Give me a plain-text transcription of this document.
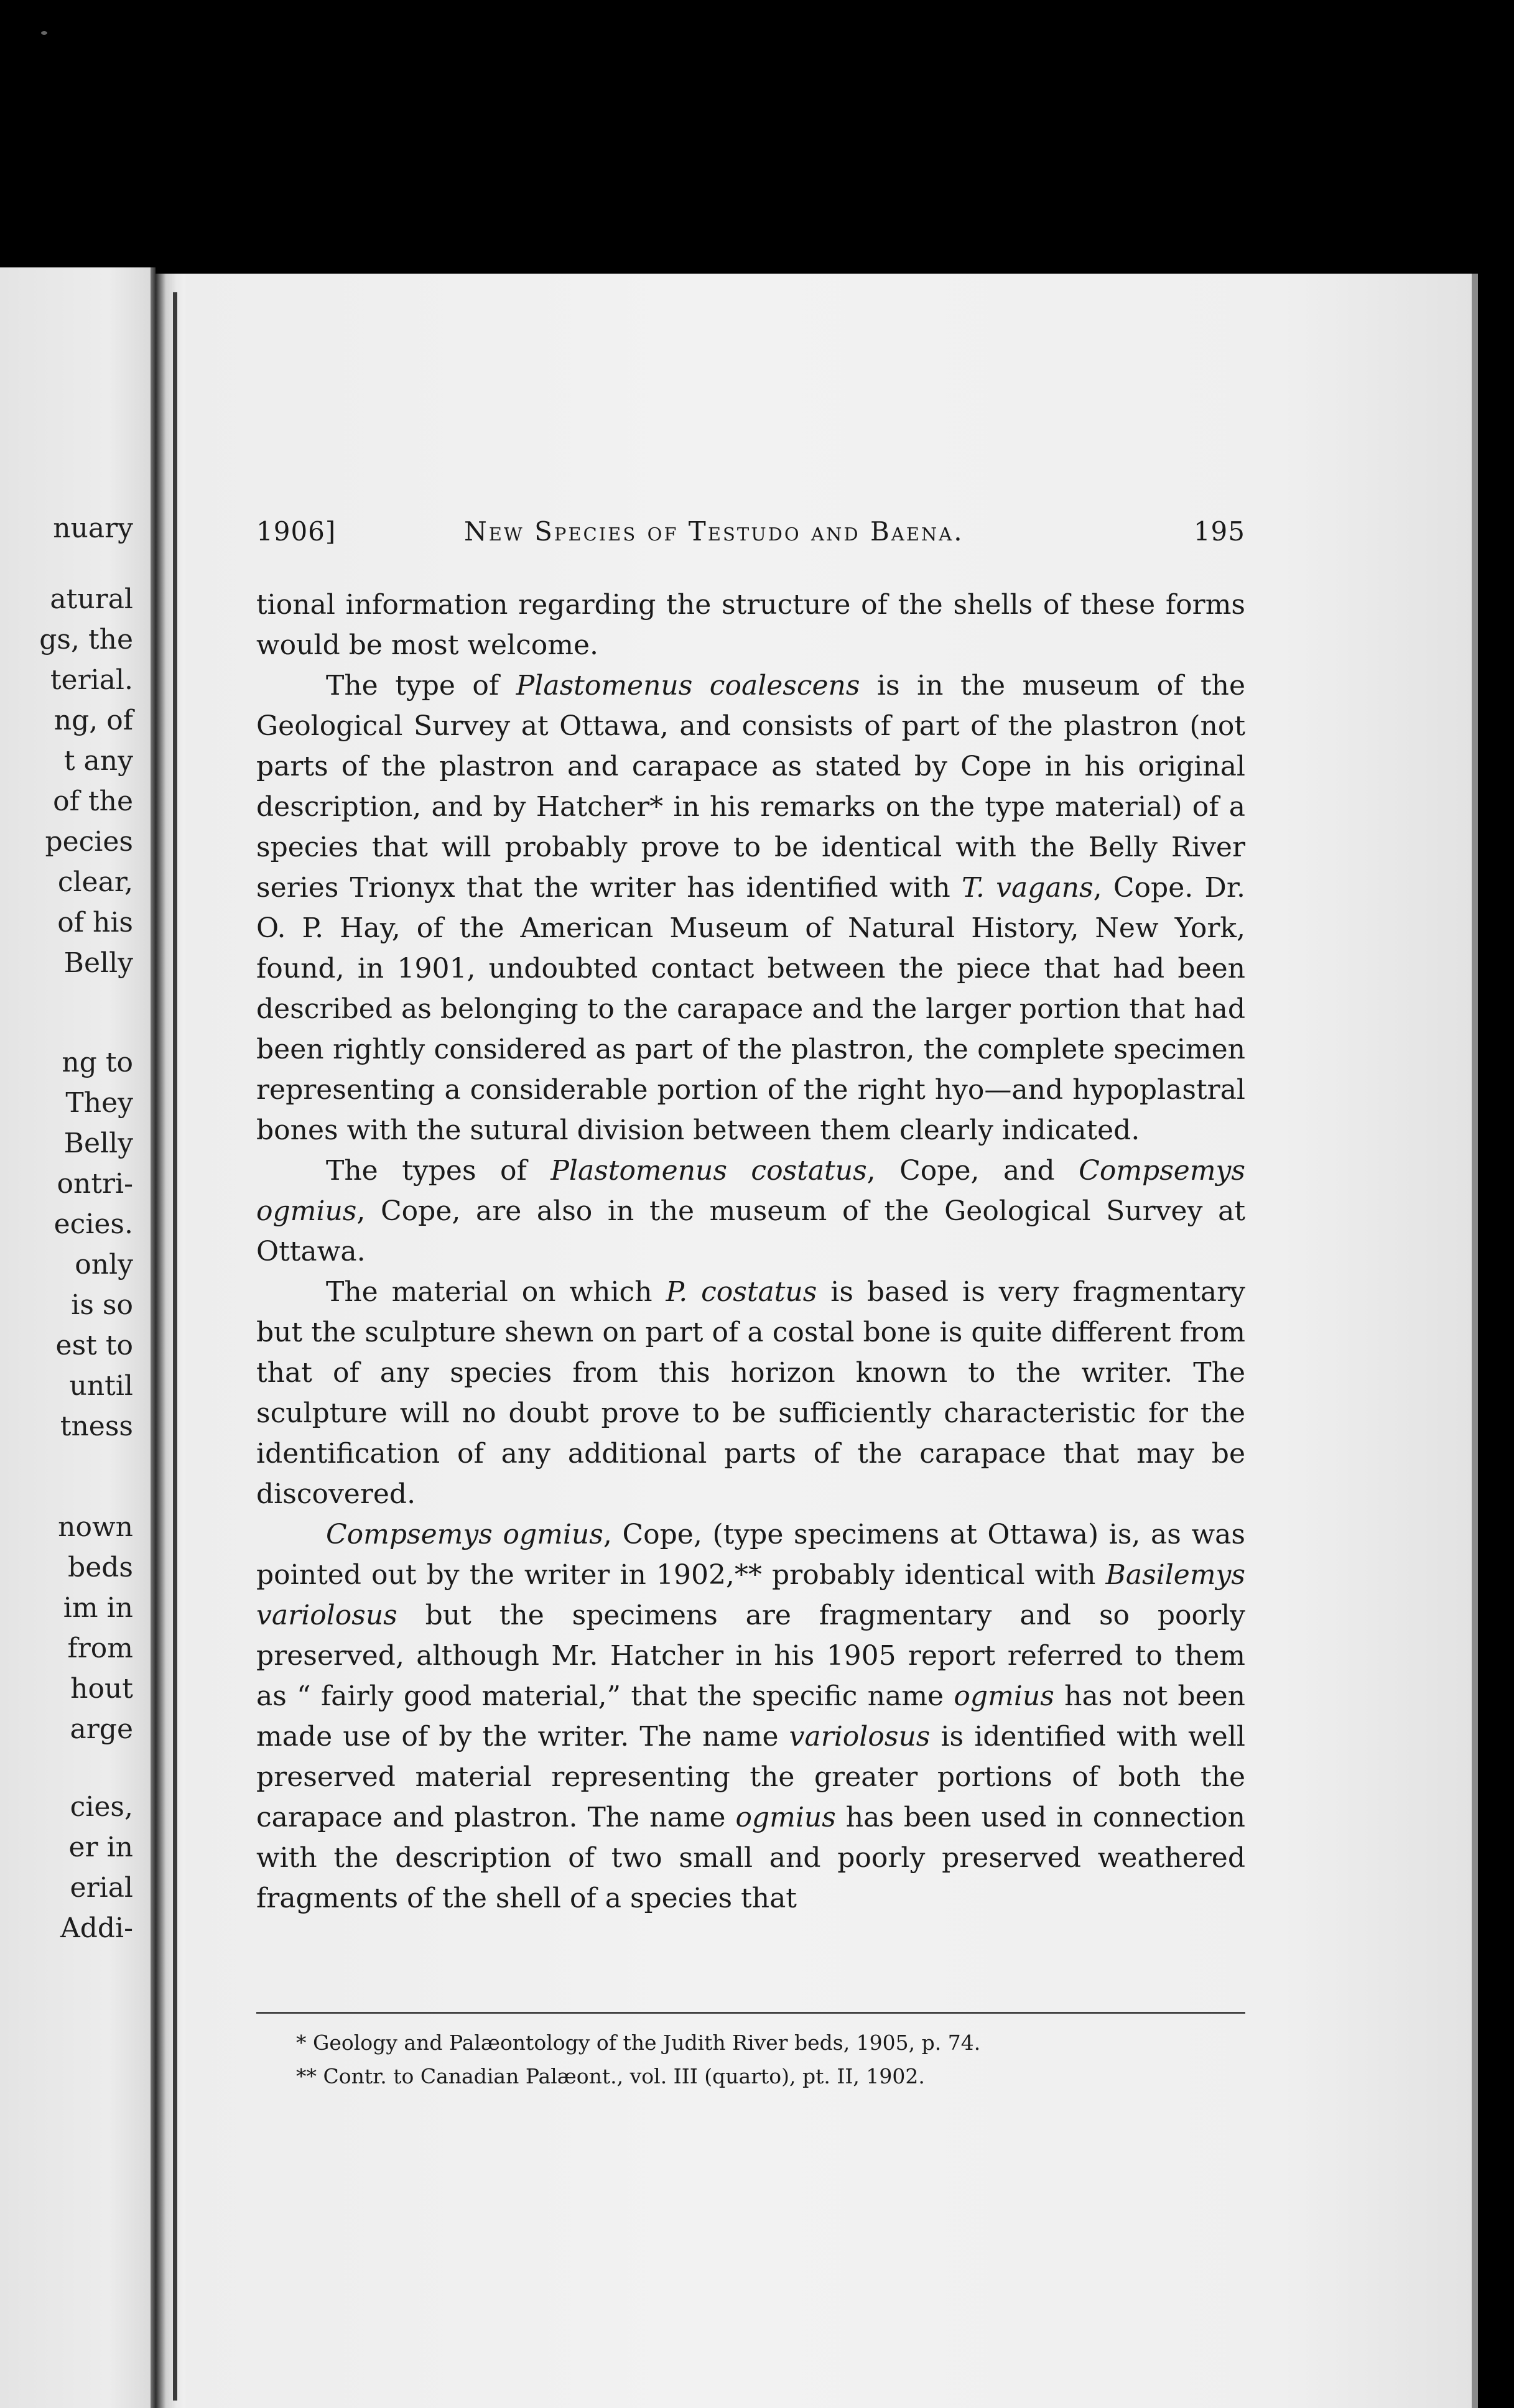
nuary
atural
gs, the
terial.
ng, of
t any
of the
pecies
clear,
of his
Belly
ng to
They
Belly
ontri-
ecies.
only
is so
est to
until
tness
nown
beds
im in
from
hout
arge
cies,
er in
erial
Addi-
1906]	New Species of Testudo and Baena.	195

tional information regarding the structure of the shells of these forms would be most welcome.

The type of Plastomenus coalescens is in the museum of the Geological Survey at Ottawa, and consists of part of the plastron (not parts of the plastron and carapace as stated by Cope in his original description, and by Hatcher* in his remarks on the type material) of a species that will probably prove to be identical with the Belly River series Trionyx that the writer has identified with T. vagans, Cope. Dr. O. P. Hay, of the American Museum of Natural History, New York, found, in 1901, undoubted contact between the piece that had been described as belonging to the carapace and the larger portion that had been rightly considered as part of the plastron, the complete specimen representing a considerable portion of the right hyo—and hypoplastral bones with the sutural division between them clearly indicated.

The types of Plastomenus costatus, Cope, and Compsemys ogmius, Cope, are also in the museum of the Geological Survey at Ottawa.

The material on which P. costatus is based is very fragmentary but the sculpture shewn on part of a costal bone is quite different from that of any species from this horizon known to the writer. The sculpture will no doubt prove to be sufficiently characteristic for the identification of any additional parts of the carapace that may be discovered.

Compsemys ogmius, Cope, (type specimens at Ottawa) is, as was pointed out by the writer in 1902,** probably identical with Basilemys variolosus but the specimens are fragmentary and so poorly preserved, although Mr. Hatcher in his 1905 report referred to them as “ fairly good material,” that the specific name ogmius has not been made use of by the writer. The name variolosus is identified with well preserved material representing the greater portions of both the carapace and plastron. The name ogmius has been used in connection with the description of two small and poorly preserved weathered fragments of the shell of a species that

* Geology and Palæontology of the Judith River beds, 1905, p. 74.
** Contr. to Canadian Palæont., vol. III (quarto), pt. II, 1902.
